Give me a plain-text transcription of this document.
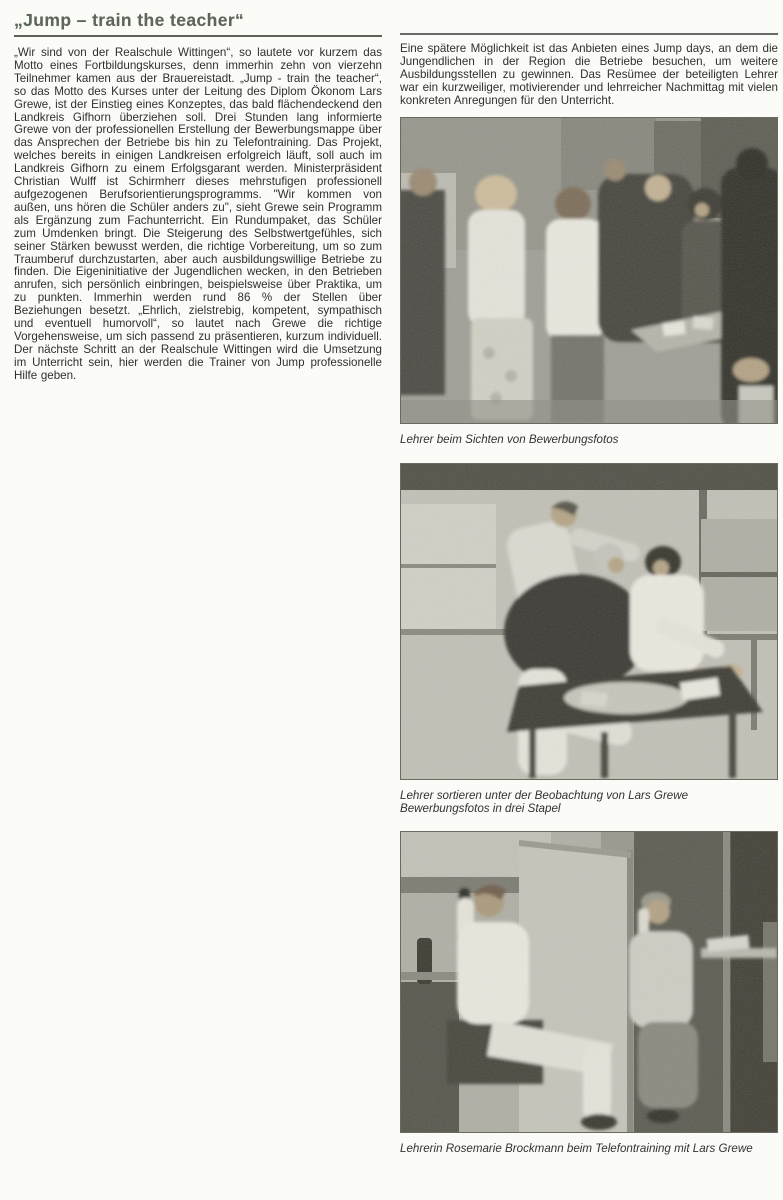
„Jump – train the teacher“

„Wir sind von der Realschule Wittingen“, so lautete vor kurzem das Motto eines Fortbildungskurses, denn immerhin zehn von vierzehn Teilnehmer kamen aus der Brauereistadt. „Jump - train the teacher“, so das Motto des Kurses unter der Leitung des Diplom Ökonom Lars Grewe, ist der Einstieg eines Konzeptes, das bald flächendeckend den Landkreis Gifhorn überziehen soll. Drei Stunden lang informierte Grewe von der professionellen Erstellung der Bewerbungsmappe über das Ansprechen der Betriebe bis hin zu Telefontraining. Das Projekt, welches bereits in einigen Landkreisen erfolgreich läuft, soll auch im Landkreis Gifhorn zu einem Erfolgsgarant werden. Ministerpräsident Christian Wulff ist Schirmherr dieses mehrstufigen professionell aufgezogenen Berufsorientierungsprogramms. "Wir kommen von außen, uns hören die Schüler anders zu", sieht Grewe sein Programm als Ergänzung zum Fachunterricht. Ein Rundumpaket, das Schüler zum Umdenken bringt. Die Steigerung des Selbstwertgefühles, sich seiner Stärken bewusst werden, die richtige Vorbereitung, um so zum Traumberuf durchzustarten, aber auch ausbildungswillige Betriebe zu finden. Die Eigeninitiative der Jugendlichen wecken, in den Betrieben anrufen, sich persönlich einbringen, beispielsweise über Praktika, um zu punkten. Immerhin werden rund 86 % der Stellen über Beziehungen besetzt. „Ehrlich, zielstrebig, kompetent, sympathisch und eventuell humorvoll“, so lautet nach Grewe die richtige Vorgehensweise, um sich passend zu präsentieren, kurzum individuell. Der nächste Schritt an der Realschule Wittingen wird die Umsetzung im Unterricht sein, hier werden die Trainer von Jump professionelle Hilfe geben.

Eine spätere Möglichkeit ist das Anbieten eines Jump days, an dem die Jungendlichen in der Region die Betriebe besuchen, um weitere Ausbildungsstellen zu gewinnen. Das Resümee der beteiligten Lehrer war ein kurzweiliger, motivierender und lehrreicher Nachmittag mit vielen konkreten Anregungen für den Unterricht.

Lehrer beim Sichten von Bewerbungsfotos
Lehrer sortieren unter der Beobachtung von Lars Grewe Bewerbungsfotos in drei Stapel
Lehrerin Rosemarie Brockmann beim Telefontraining mit Lars Grewe
